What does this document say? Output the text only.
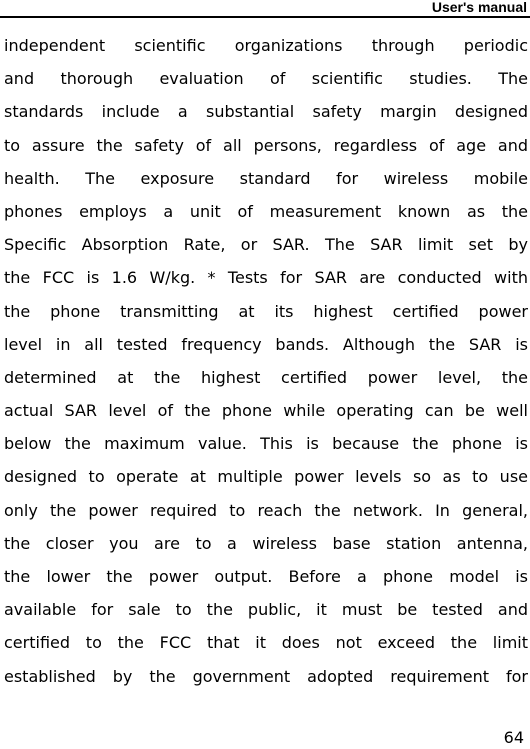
User's manual
independent scientific organizations through periodic
and thorough evaluation of scientific studies. The
standards include a substantial safety margin designed
to assure the safety of all persons, regardless of age and
health. The exposure standard for wireless mobile
phones employs a unit of measurement known as the
Specific Absorption Rate, or SAR. The SAR limit set by
the FCC is 1.6 W/kg. * Tests for SAR are conducted with
the phone transmitting at its highest certified power
level in all tested frequency bands. Although the SAR is
determined at the highest certified power level, the
actual SAR level of the phone while operating can be well
below the maximum value. This is because the phone is
designed to operate at multiple power levels so as to use
only the power required to reach the network. In general,
the closer you are to a wireless base station antenna,
the lower the power output. Before a phone model is
available for sale to the public, it must be tested and
certified to the FCC that it does not exceed the limit
established by the government adopted requirement for
64
